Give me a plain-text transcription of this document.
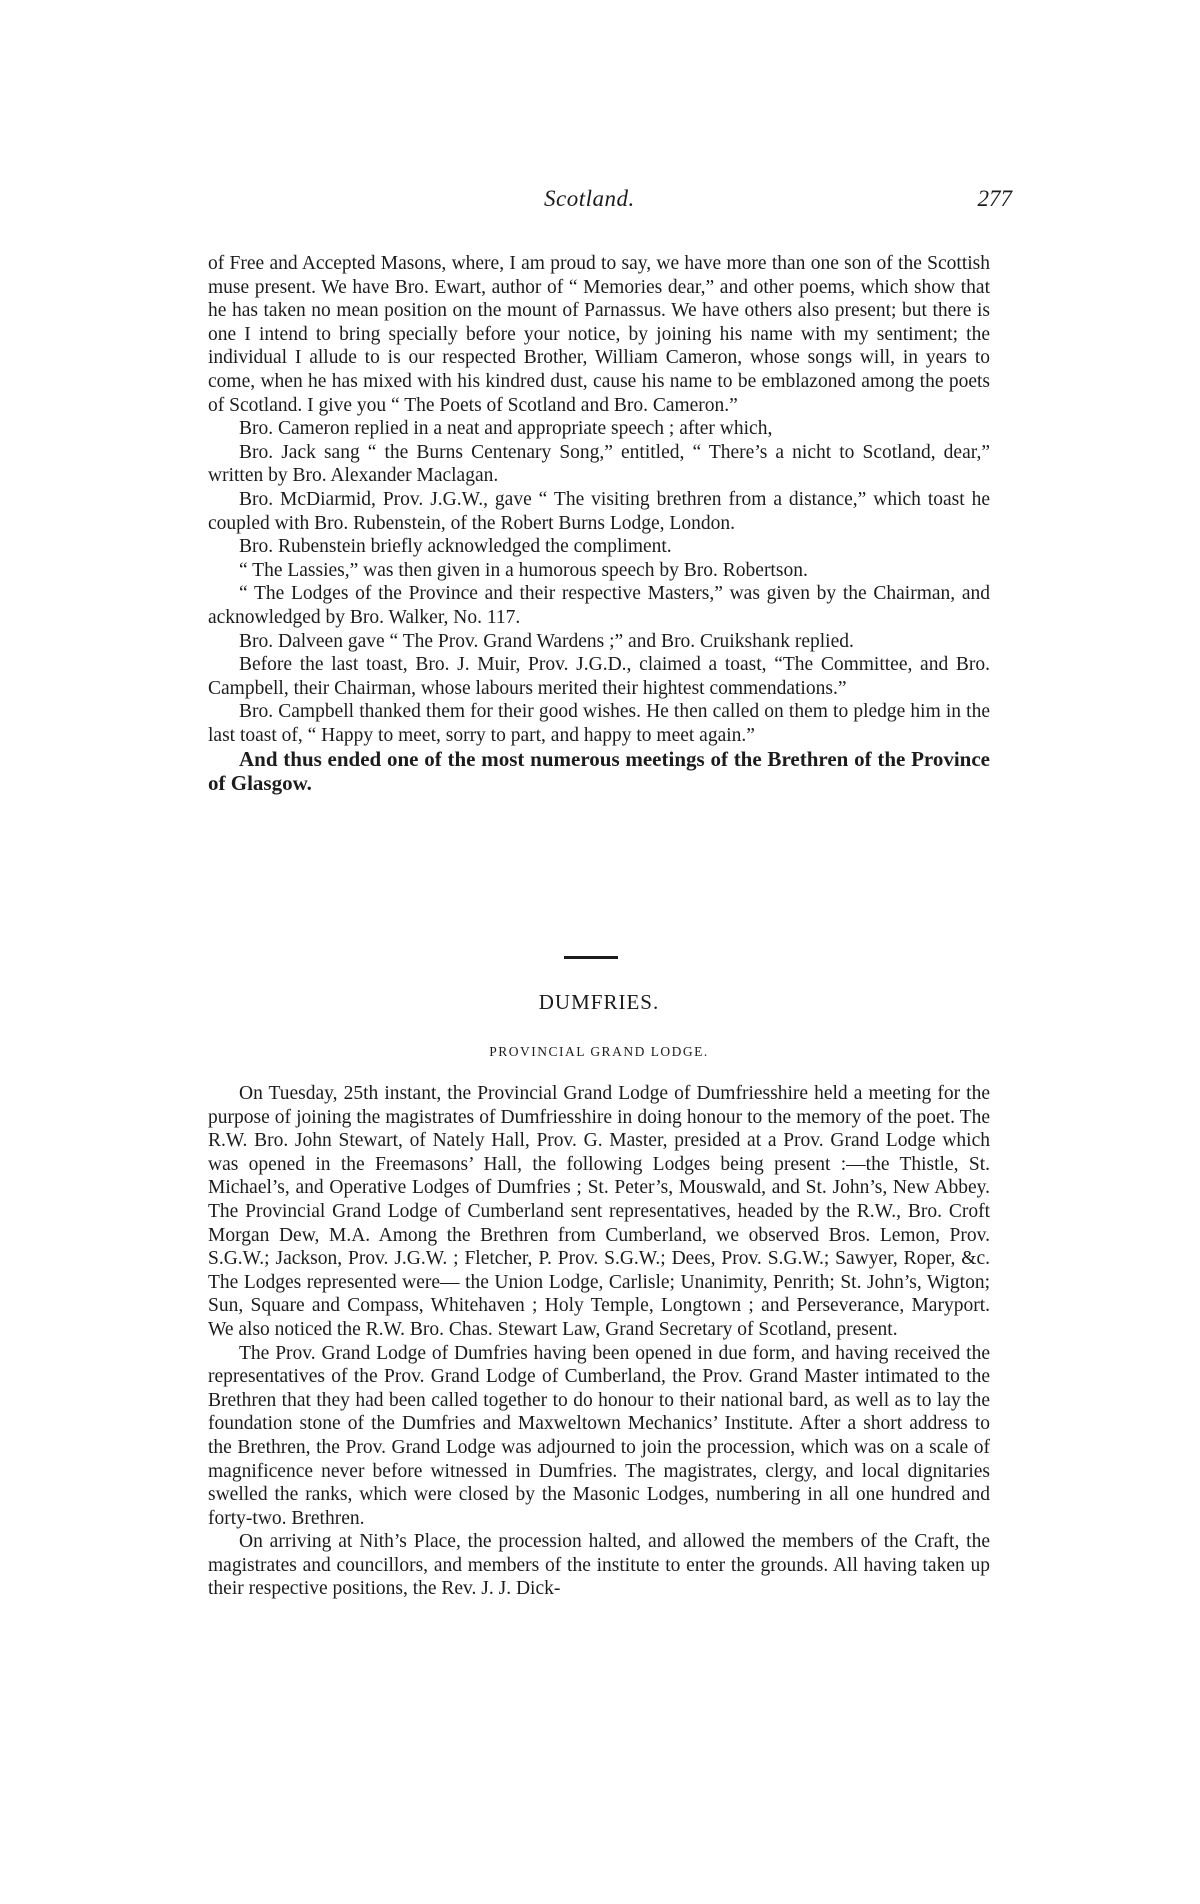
Scotland.	277

of Free and Accepted Masons, where, I am proud to say, we have more than one son of the Scottish muse present. We have Bro. Ewart, author of “ Memories dear,” and other poems, which show that he has taken no mean position on the mount of Parnassus. We have others also present; but there is one I intend to bring specially before your notice, by joining his name with my sentiment; the individual I allude to is our respected Brother, William Cameron, whose songs will, in years to come, when he has mixed with his kindred dust, cause his name to be emblazoned among the poets of Scotland. I give you “ The Poets of Scotland and Bro. Cameron.”

Bro. Cameron replied in a neat and appropriate speech ; after which,

Bro. Jack sang “ the Burns Centenary Song,” entitled, “ There’s a nicht to Scotland, dear,” written by Bro. Alexander Maclagan.

Bro. McDiarmid, Prov. J.G.W., gave “ The visiting brethren from a distance,” which toast he coupled with Bro. Rubenstein, of the Robert Burns Lodge, London.

Bro. Rubenstein briefly acknowledged the compliment.

“ The Lassies,” was then given in a humorous speech by Bro. Robertson.

“ The Lodges of the Province and their respective Masters,” was given by the Chairman, and acknowledged by Bro. Walker, No. 117.

Bro. Dalveen gave “ The Prov. Grand Wardens ;” and Bro. Cruikshank replied.

Before the last toast, Bro. J. Muir, Prov. J.G.D., claimed a toast, “The Committee, and Bro. Campbell, their Chairman, whose labours merited their hightest commendations.”

Bro. Campbell thanked them for their good wishes. He then called on them to pledge him in the last toast of, “ Happy to meet, sorry to part, and happy to meet again.”

And thus ended one of the most numerous meetings of the Brethren of the Province of Glasgow.

DUMFRIES.
PROVINCIAL GRAND LODGE.

On Tuesday, 25th instant, the Provincial Grand Lodge of Dumfriesshire held a meeting for the purpose of joining the magistrates of Dumfriesshire in doing honour to the memory of the poet. The R.W. Bro. John Stewart, of Nately Hall, Prov. G. Master, presided at a Prov. Grand Lodge which was opened in the Freemasons’ Hall, the following Lodges being present :—the Thistle, St. Michael’s, and Operative Lodges of Dumfries ; St. Peter’s, Mouswald, and St. John’s, New Abbey. The Provincial Grand Lodge of Cumberland sent representatives, headed by the R.W., Bro. Croft Morgan Dew, M.A. Among the Brethren from Cumberland, we observed Bros. Lemon, Prov. S.G.W.; Jackson, Prov. J.G.W. ; Fletcher, P. Prov. S.G.W.; Dees, Prov. S.G.W.; Sawyer, Roper, &c. The Lodges represented were— the Union Lodge, Carlisle; Unanimity, Penrith; St. John’s, Wigton; Sun, Square and Compass, Whitehaven ; Holy Temple, Longtown ; and Perseverance, Maryport. We also noticed the R.W. Bro. Chas. Stewart Law, Grand Secretary of Scotland, present.

The Prov. Grand Lodge of Dumfries having been opened in due form, and having received the representatives of the Prov. Grand Lodge of Cumberland, the Prov. Grand Master intimated to the Brethren that they had been called together to do honour to their national bard, as well as to lay the foundation stone of the Dumfries and Maxweltown Mechanics’ Institute. After a short address to the Brethren, the Prov. Grand Lodge was adjourned to join the procession, which was on a scale of magnificence never before witnessed in Dumfries. The magistrates, clergy, and local dignitaries swelled the ranks, which were closed by the Masonic Lodges, numbering in all one hundred and forty-two. Brethren.

On arriving at Nith’s Place, the procession halted, and allowed the members of the Craft, the magistrates and councillors, and members of the institute to enter the grounds. All having taken up their respective positions, the Rev. J. J. Dick-
